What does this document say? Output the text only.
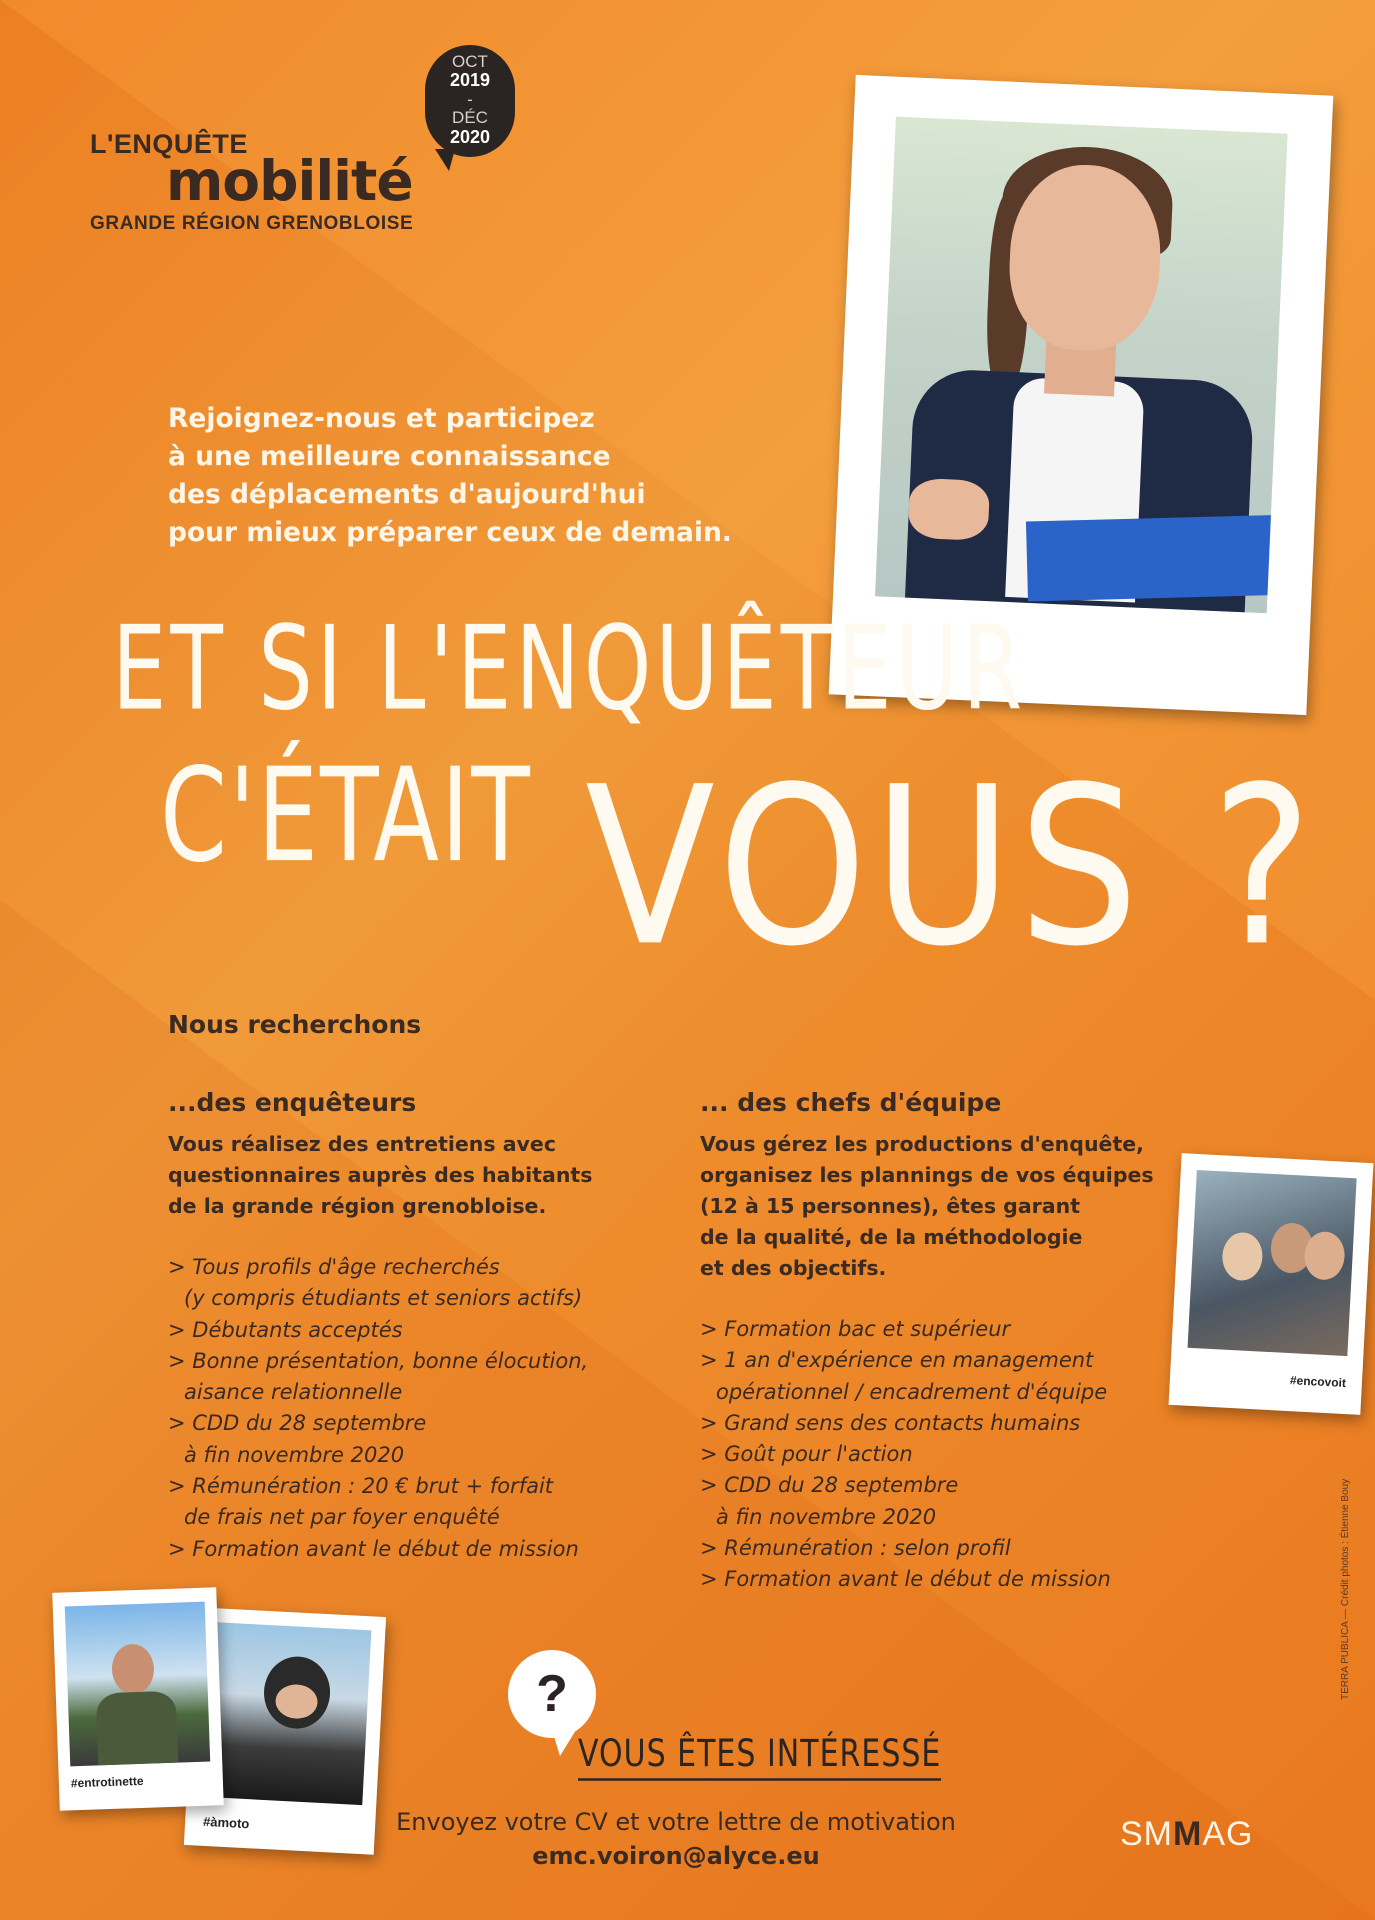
OCT
2019
-
DÉC
2020
L'ENQUÊTE
mobilité
GRANDE RÉGION GRENOBLOISE
Rejoignez-nous et participez
à une meilleure connaissance
des déplacements d'aujourd'hui
pour mieux préparer ceux de demain.
ET SI L'ENQUÊTEUR
C'ÉTAIT VOUS ?
#encovoit
Nous recherchons
...des enquêteurs
Vous réalisez des entretiens avec
questionnaires auprès des habitants
de la grande région grenobloise.
> Tous profils d'âge recherchés
(y compris étudiants et seniors actifs)
> Débutants acceptés
> Bonne présentation, bonne élocution,
aisance relationnelle
> CDD du 28 septembre
à fin novembre 2020
> Rémunération : 20 € brut + forfait
de frais net par foyer enquêté
> Formation avant le début de mission
... des chefs d'équipe
Vous gérez les productions d'enquête,
organisez les plannings de vos équipes
(12 à 15 personnes), êtes garant
de la qualité, de la méthodologie
et des objectifs.
> Formation bac et supérieur
> 1 an d'expérience en management
opérationnel / encadrement d'équipe
> Grand sens des contacts humains
> Goût pour l'action
> CDD du 28 septembre
à fin novembre 2020
> Rémunération : selon profil
> Formation avant le début de mission
#entrotinette
#àmoto
?
VOUS ÊTES INTÉRESSÉ
Envoyez votre CV et votre lettre de motivation
emc.voiron@alyce.eu
SMMAG
TERRA PUBLICA — Crédit photos : Étienne Bouy
